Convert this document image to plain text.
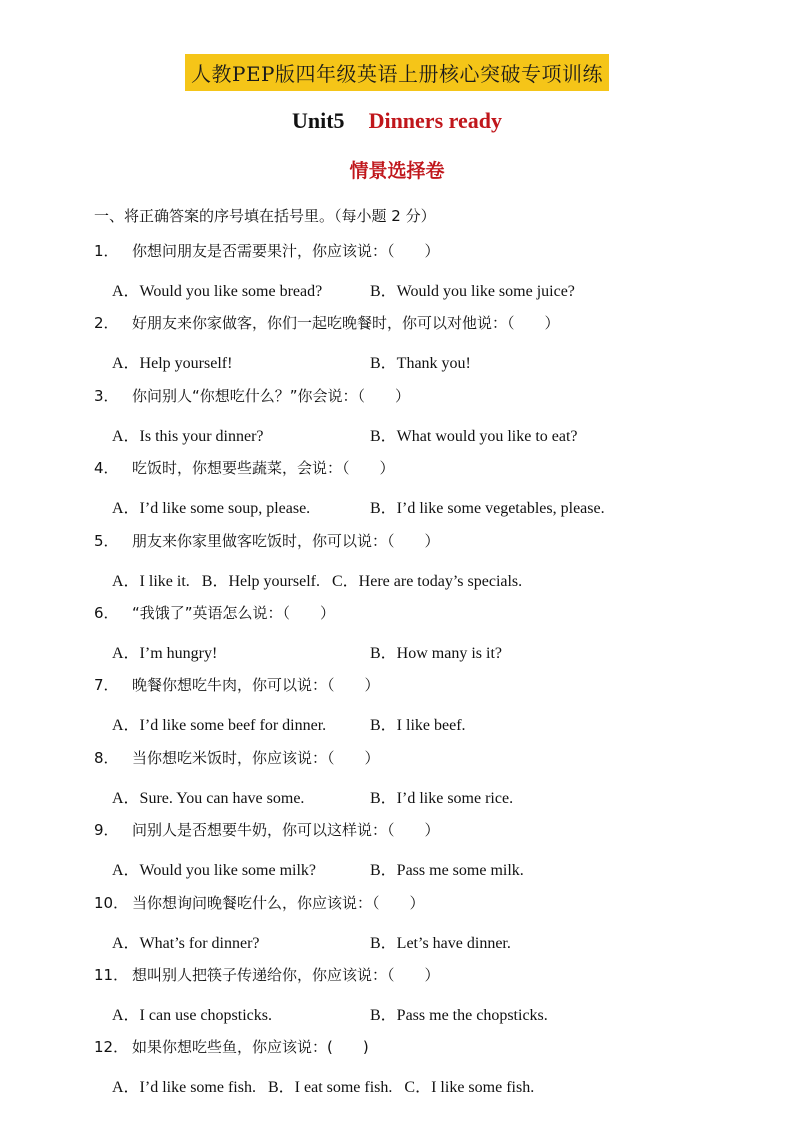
人教PEP版四年级英语上册核心突破专项训练
Unit5 Dinners ready
情景选择卷
一、将正确答案的序号填在括号里。（每小题 2 分）
1． 你想问朋友是否需要果汁，你应该说：（　　）
A．Would you like some bread?	B．Would you like some juice?
2． 好朋友来你家做客，你们一起吃晚餐时，你可以对他说：（　　）
A．Help yourself!	B．Thank you!
3． 你问别人“你想吃什么？”你会说：（　　）
A．Is this your dinner?	B．What would you like to eat?
4． 吃饭时，你想要些蔬菜，会说：（　　）
A．I’d like some soup, please.	B．I’d like some vegetables, please.
5． 朋友来你家里做客吃饭时，你可以说：（　　）
A．I like it. B．Help yourself. C．Here are today’s specials.
6． “我饿了”英语怎么说：（　　）
A．I’m hungry!	B．How many is it?
7． 晚餐你想吃牛肉，你可以说：（　　）
A．I’d like some beef for dinner.	B．I like beef.
8． 当你想吃米饭时，你应该说：（　　）
A．Sure. You can have some.	B．I’d like some rice.
9． 问别人是否想要牛奶，你可以这样说：（　　）
A．Would you like some milk?	B．Pass me some milk.
10． 当你想询问晚餐吃什么，你应该说：（　　）
A．What’s for dinner?	B．Let’s have dinner.
11． 想叫别人把筷子传递给你，你应该说：（　　）
A．I can use chopsticks.	B．Pass me the chopsticks.
12． 如果你想吃些鱼，你应该说：(　　)
A．I’d like some fish. B．I eat some fish. C．I like some fish.
